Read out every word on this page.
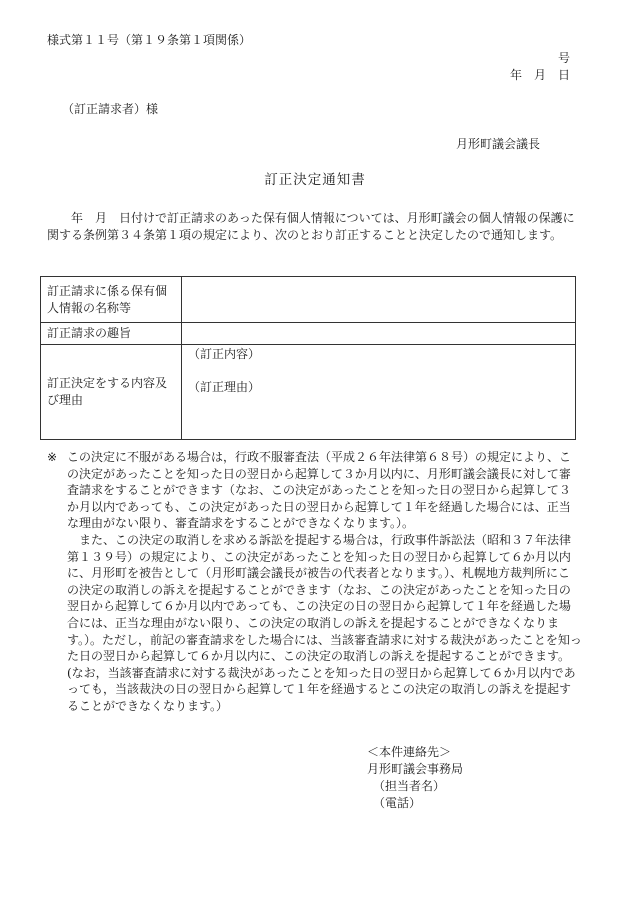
様式第１１号（第１９条第１項関係）
号
年　月　日
（訂正請求者）様
月形町議会議長
訂正決定通知書

年　月　日付けで訂正請求のあった保有個人情報については、月形町議会の個人情報の保護に関する条例第３４条第１項の規定により、次のとおり訂正することと決定したので通知します。

訂正請求に係る保有個人情報の名称等	
訂正請求の趣旨	
訂正決定をする内容及び理由	（訂正内容）
（訂正理由）

※ この決定に不服がある場合は，行政不服審査法（平成２６年法律第６８号）の規定により、この決定があったことを知った日の翌日から起算して３か月以内に、月形町議会議長に対して審査請求をすることができます（なお、この決定があったことを知った日の翌日から起算して３か月以内であっても、この決定があった日の翌日から起算して１年を経過した場合には、正当な理由がない限り、審査請求をすることができなくなります。）。

また、この決定の取消しを求める訴訟を提起する場合は，行政事件訴訟法（昭和３７年法律第１３９号）の規定により、この決定があったことを知った日の翌日から起算して６か月以内に、月形町を被告として（月形町議会議長が被告の代表者となります。）、札幌地方裁判所にこの決定の取消しの訴えを提起することができます（なお、この決定があったことを知った日の翌日から起算して６か月以内であっても、この決定の日の翌日から起算して１年を経過した場合には、正当な理由がない限り、この決定の取消しの訴えを提起することができなくなります。）。ただし，前記の審査請求をした場合には、当該審査請求に対する裁決があったことを知った日の翌日から起算して６か月以内に、この決定の取消しの訴えを提起することができます。(なお，当該審査請求に対する裁決があったことを知った日の翌日から起算して６か月以内であっても，当該裁決の日の翌日から起算して１年を経過するとこの決定の取消しの訴えを提起することができなくなります。）

＜本件連絡先＞
月形町議会事務局
（担当者名）
（電話）
